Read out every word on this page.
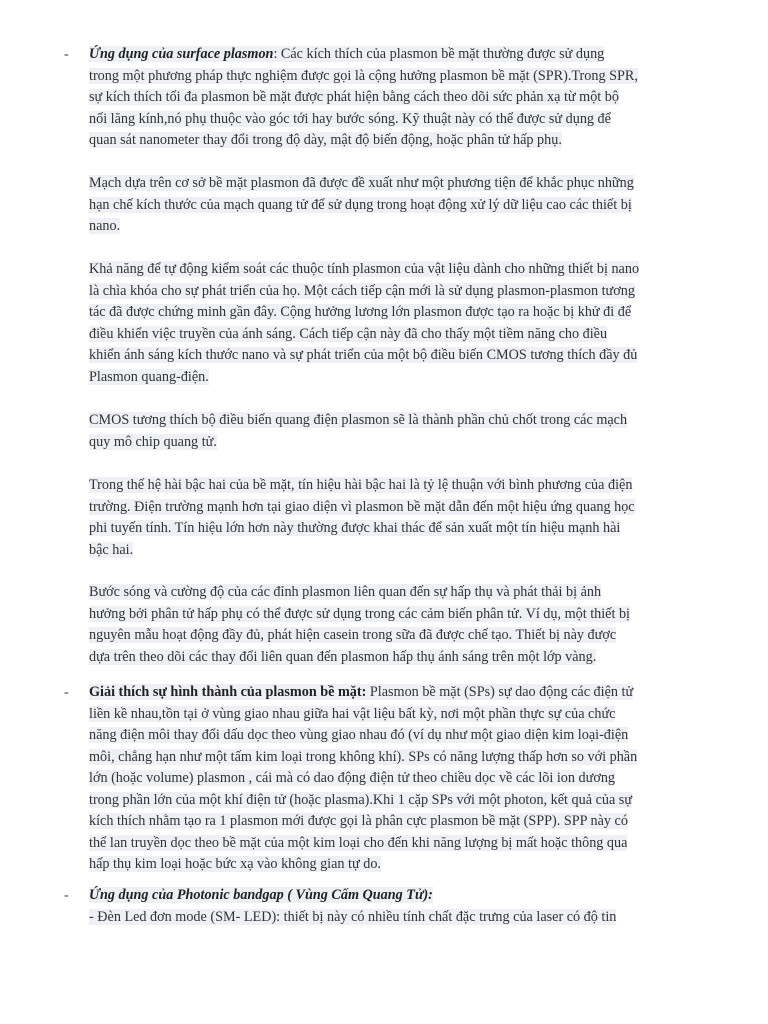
- Ứng dụng của surface plasmon: Các kích thích của plasmon bề mặt thường được sử dụng
trong một phương pháp thực nghiệm được gọi là cộng hưởng plasmon bề mặt (SPR).Trong SPR,
sự kích thích tối đa plasmon bề mặt được phát hiện bằng cách theo dõi sức phản xạ từ một bộ
nối lăng kính,nó phụ thuộc vào góc tới hay bước sóng. Kỹ thuật này có thể được sử dụng để
quan sát nanometer thay đổi trong độ dày, mật độ biến động, hoặc phân tử hấp phụ.
Mạch dựa trên cơ sở bề mặt plasmon đã được đề xuất như một phương tiện để khắc phục những
hạn chế kích thước của mạch quang tử để sử dụng trong hoạt động xử lý dữ liệu cao các thiết bị
nano.
Khả năng để tự động kiểm soát các thuộc tính plasmon của vật liệu dành cho những thiết bị nano
là chìa khóa cho sự phát triển của họ. Một cách tiếp cận mới là sử dụng plasmon-plasmon tương
tác đã được chứng minh gần đây. Cộng hưởng lương lớn plasmon được tạo ra hoặc bị khử đi để
điều khiển việc truyền của ánh sáng. Cách tiếp cận này đã cho thấy một tiềm năng cho điều
khiển ánh sáng kích thước nano và sự phát triển của một bộ điều biến CMOS tương thích đầy đủ
Plasmon quang-điện.
CMOS tương thích bộ điều biến quang điện plasmon sẽ là thành phần chủ chốt trong các mạch
quy mô chip quang tử.
Trong thế hệ hài bậc hai của bề mặt, tín hiệu hài bậc hai là tỷ lệ thuận với bình phương của điện
trường. Điện trường mạnh hơn tại giao diện vì plasmon bề mặt dẫn đến một hiệu ứng quang học
phi tuyến tính. Tín hiệu lớn hơn này thường được khai thác để sản xuất một tín hiệu mạnh hài
bậc hai.
Bước sóng và cường độ của các đỉnh plasmon liên quan đến sự hấp thụ và phát thải bị ảnh
hưởng bởi phân tử hấp phụ có thể được sử dụng trong các cảm biến phân tử. Ví dụ, một thiết bị
nguyên mẫu hoạt động đầy đủ, phát hiện casein trong sữa đã được chế tạo. Thiết bị này được
dựa trên theo dõi các thay đổi liên quan đến plasmon hấp thụ ánh sáng trên một lớp vàng.
- Giải thích sự hình thành của plasmon bề mặt: Plasmon bề mặt (SPs) sự dao động các điện tử
liền kề nhau,tồn tại ở vùng giao nhau giữa hai vật liệu bất kỳ, nơi một phần thực sự của chức
năng điện môi thay đổi dấu dọc theo vùng giao nhau đó (ví dụ như một giao diện kim loại-điện
môi, chẳng hạn như một tấm kim loại trong không khí). SPs có năng lượng thấp hơn so với phần
lớn (hoặc volume) plasmon , cái mà có dao động điện tử theo chiều dọc về các lõi ion dương
trong phần lớn của một khí điện tử (hoặc plasma).Khi 1 cặp SPs với một photon, kết quả của sự
kích thích nhằm tạo ra 1 plasmon mới được gọi là phân cực plasmon bề mặt (SPP). SPP này có
thể lan truyền dọc theo bề mặt của một kim loại cho đến khi năng lượng bị mất hoặc thông qua
hấp thụ kim loại hoặc bức xạ vào không gian tự do.
- Ứng dụng của Photonic bandgap ( Vùng Cấm Quang Tử):
- Đèn Led đơn mode (SM- LED): thiết bị này có nhiều tính chất đặc trưng của laser có độ tin
